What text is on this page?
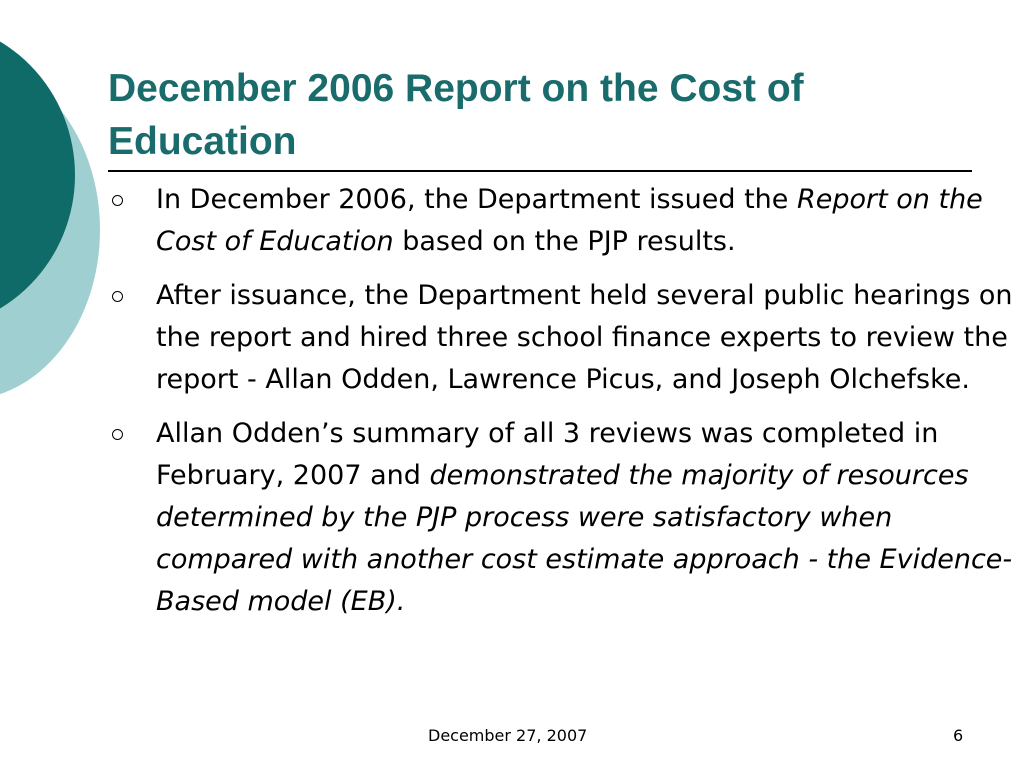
December 2006 Report on the Cost of Education
In December 2006, the Department issued the Report on the Cost of Education based on the PJP results.
After issuance, the Department held several public hearings on the report and hired three school finance experts to review the report - Allan Odden, Lawrence Picus, and Joseph Olchefske.
Allan Odden’s summary of all 3 reviews was completed in February, 2007 and demonstrated the majority of resources determined by the PJP process were satisfactory when compared with another cost estimate approach - the Evidence-Based model (EB).
December 27, 2007	6
